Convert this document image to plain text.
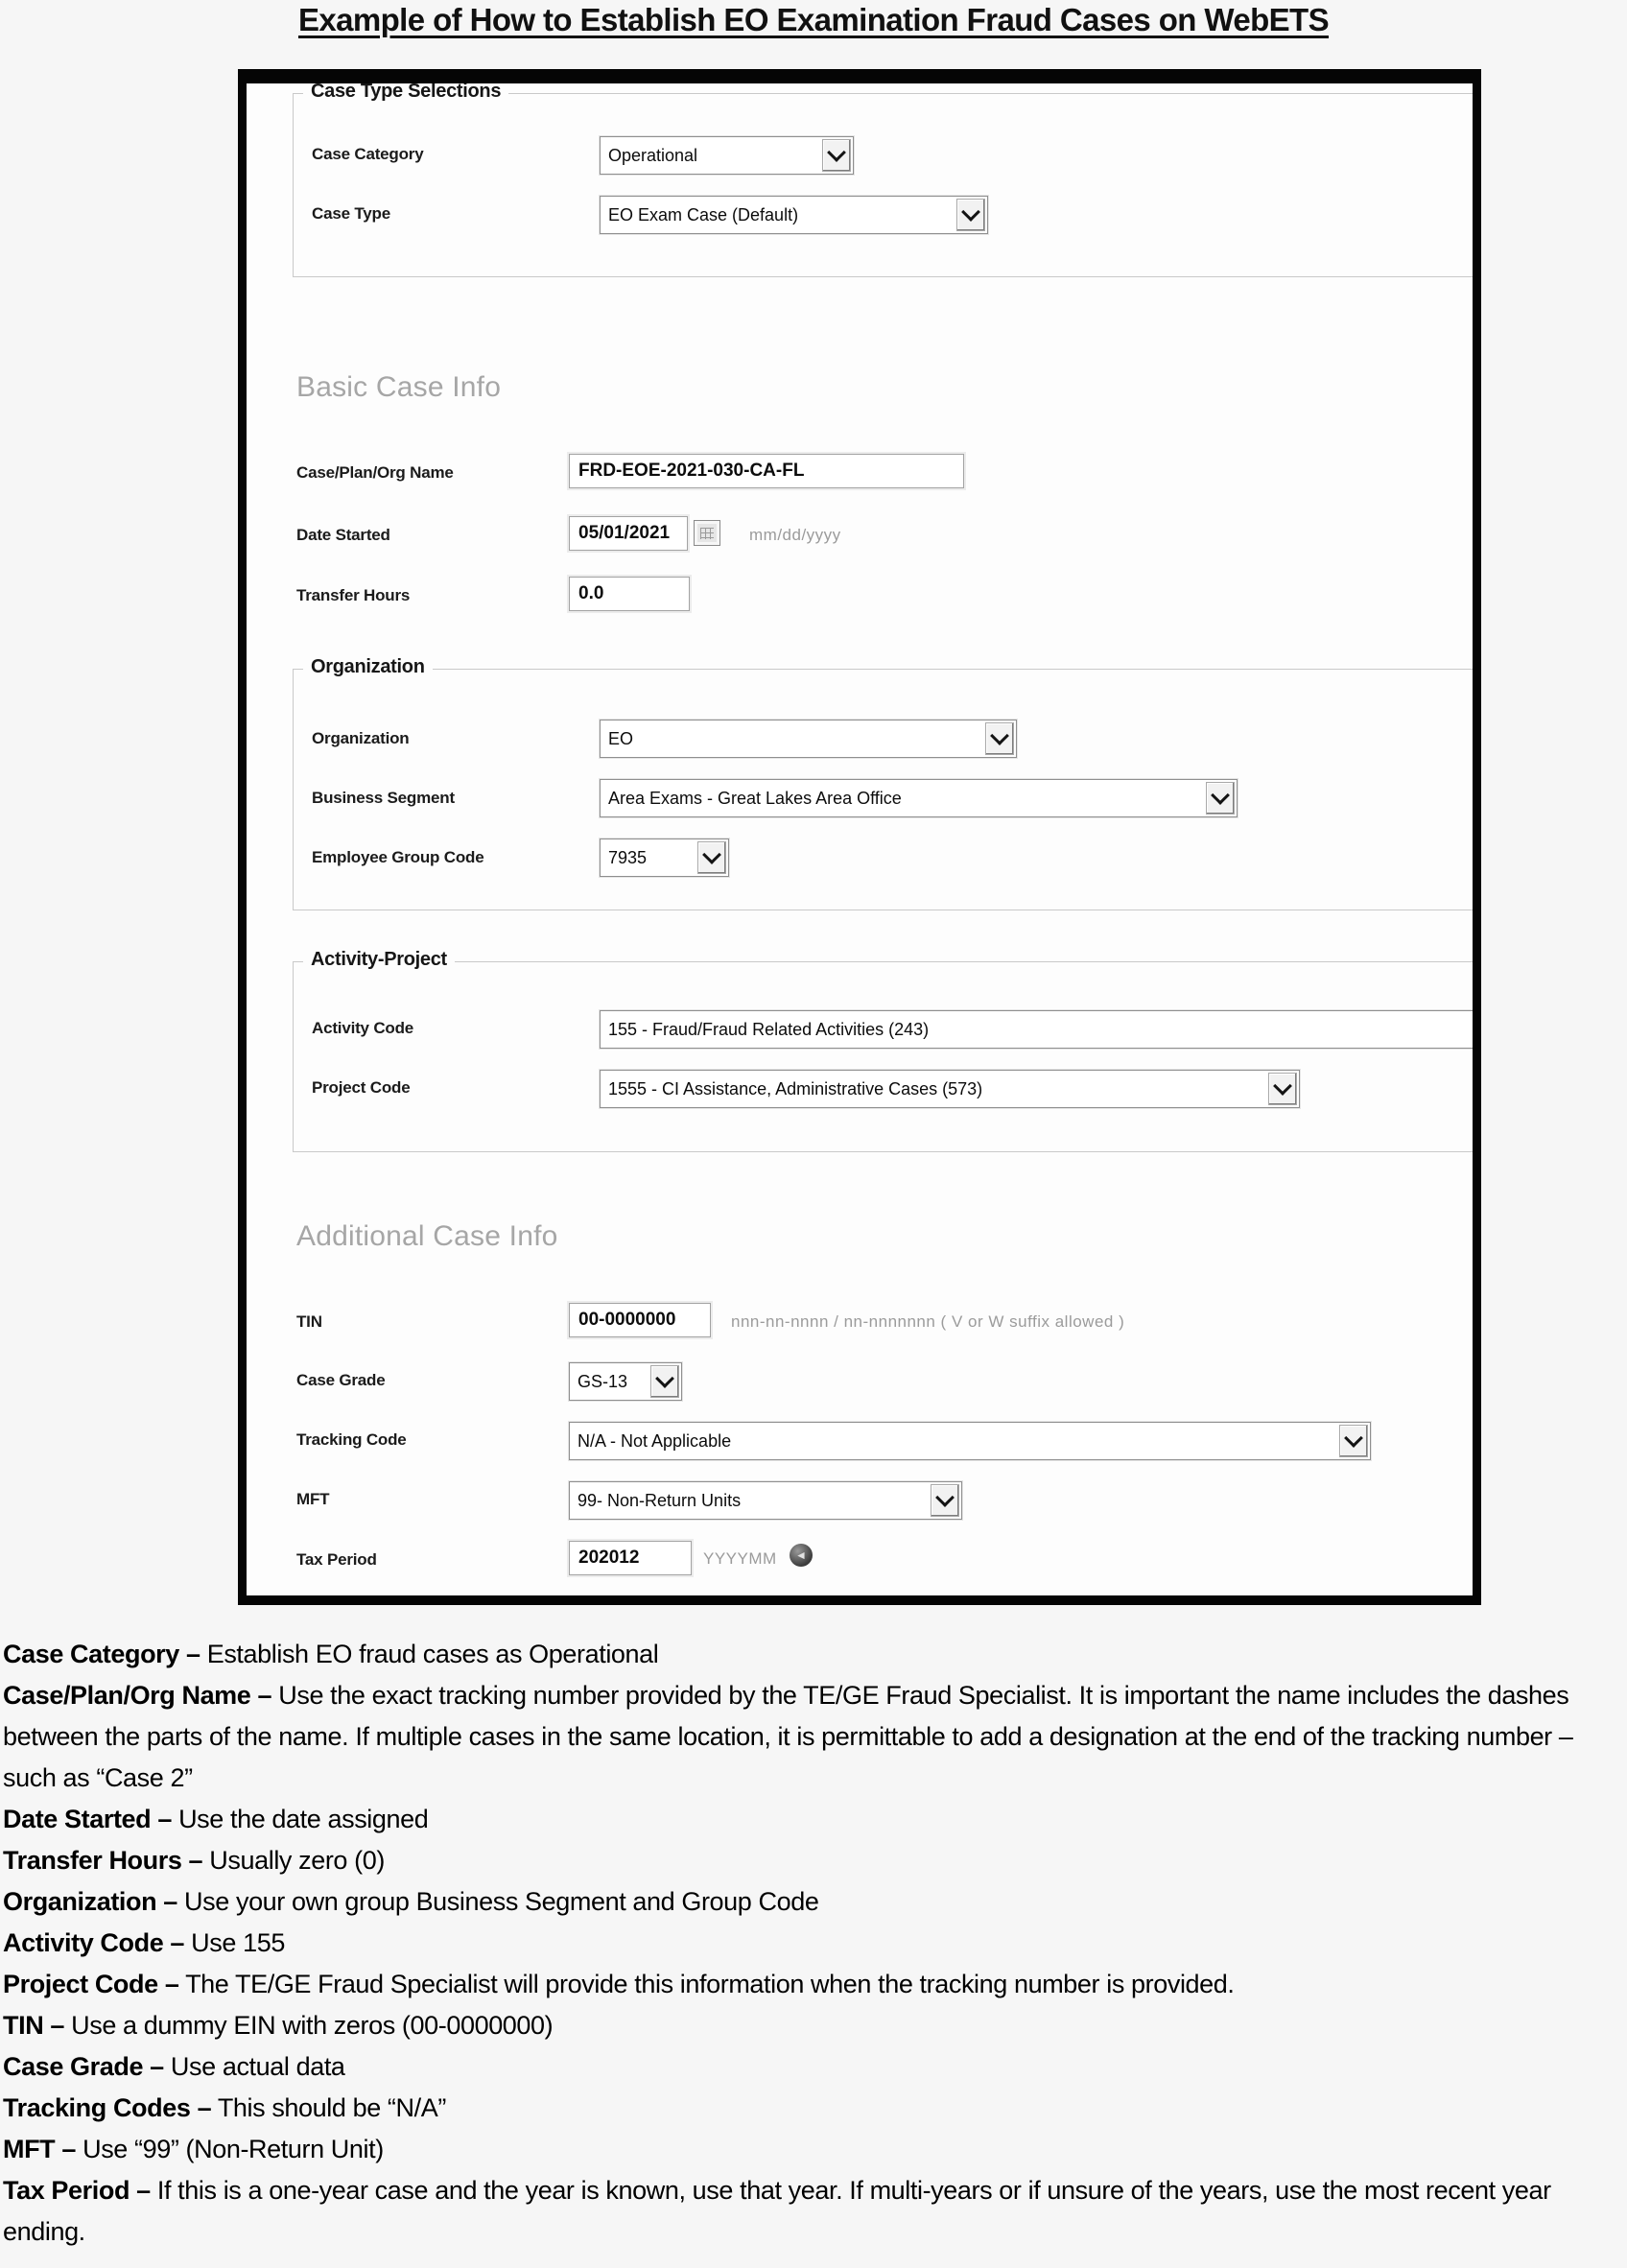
Example of How to Establish EO Examination Fraud Cases on WebETS
Case Type Selections
Case Category	Operational
Case Type	EO Exam Case (Default)
Basic Case Info
Case/Plan/Org Name	FRD-EOE-2021-030-CA-FL
Date Started	05/01/2021	mm/dd/yyyy
Transfer Hours	0.0
Organization
Organization	EO
Business Segment	Area Exams - Great Lakes Area Office
Employee Group Code	7935
Activity-Project
Activity Code	155 - Fraud/Fraud Related Activities (243)
Project Code	1555 - CI Assistance, Administrative Cases (573)
Additional Case Info
TIN	00-0000000	nnn-nn-nnnn / nn-nnnnnnn ( V or W suffix allowed )
Case Grade	GS-13
Tracking Code	N/A - Not Applicable
MFT	99- Non-Return Units
Tax Period	202012	YYYYMM	◄

Case Category – Establish EO fraud cases as Operational

Case/Plan/Org Name – Use the exact tracking number provided by the TE/GE Fraud Specialist. It is important the name includes the dashes between the parts of the name. If multiple cases in the same location, it is permittable to add a designation at the end of the tracking number – such as “Case 2”

Date Started – Use the date assigned

Transfer Hours – Usually zero (0)

Organization – Use your own group Business Segment and Group Code

Activity Code – Use 155

Project Code – The TE/GE Fraud Specialist will provide this information when the tracking number is provided.

TIN – Use a dummy EIN with zeros (00-0000000)

Case Grade – Use actual data

Tracking Codes – This should be “N/A”

MFT – Use “99” (Non-Return Unit)

Tax Period – If this is a one-year case and the year is known, use that year. If multi-years or if unsure of the years, use the most recent year ending.
